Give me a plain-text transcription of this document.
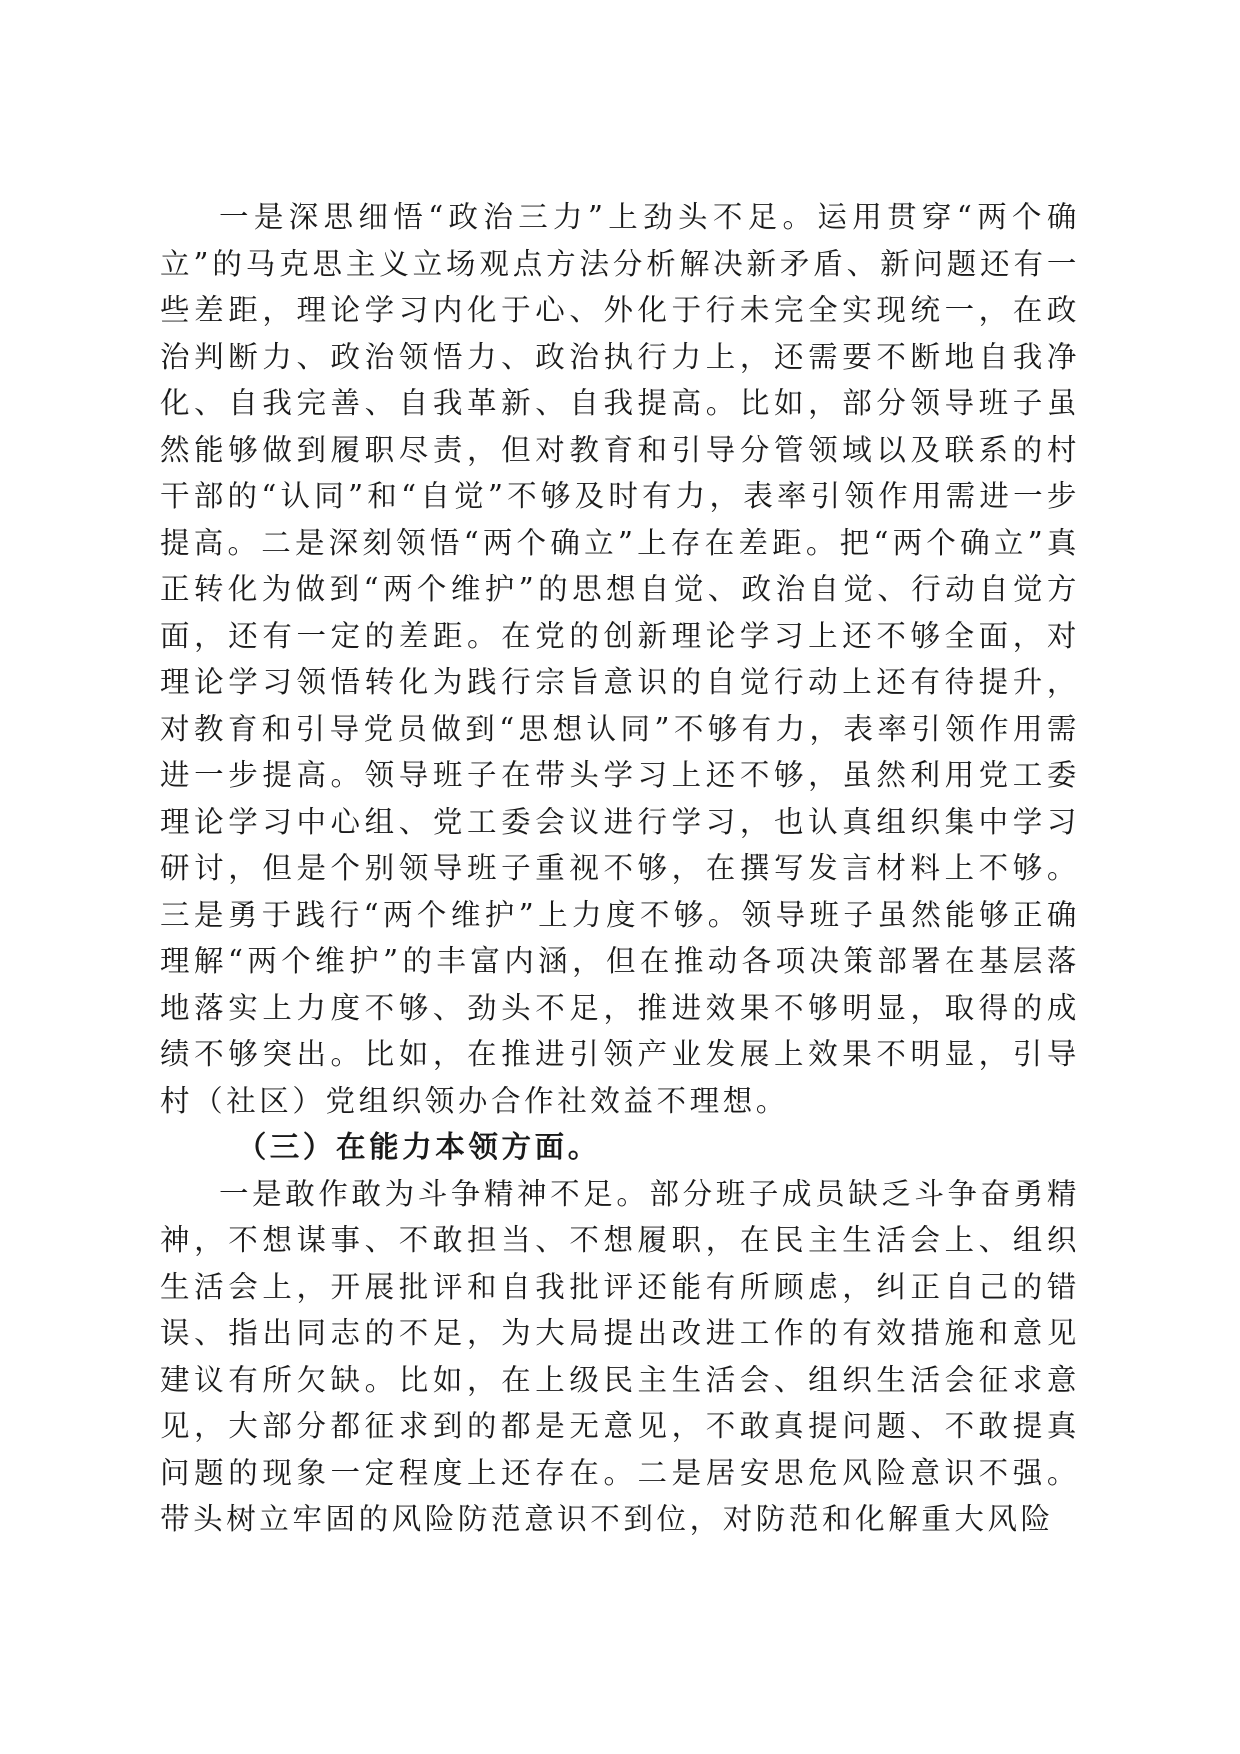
一是深思细悟“政治三力”上劲头不足。运用贯穿“两个确立”的马克思主义立场观点方法分析解决新矛盾、新问题还有一些差距，理论学习内化于心、外化于行未完全实现统一，在政治判断力、政治领悟力、政治执行力上，还需要不断地自我净化、自我完善、自我革新、自我提高。比如，部分领导班子虽然能够做到履职尽责，但对教育和引导分管领域以及联系的村干部的“认同”和“自觉”不够及时有力，表率引领作用需进一步提高。二是深刻领悟“两个确立”上存在差距。把“两个确立”真正转化为做到“两个维护”的思想自觉、政治自觉、行动自觉方面，还有一定的差距。在党的创新理论学习上还不够全面，对理论学习领悟转化为践行宗旨意识的自觉行动上还有待提升，对教育和引导党员做到“思想认同”不够有力，表率引领作用需进一步提高。领导班子在带头学习上还不够，虽然利用党工委理论学习中心组、党工委会议进行学习，也认真组织集中学习研讨，但是个别领导班子重视不够，在撰写发言材料上不够。三是勇于践行“两个维护”上力度不够。领导班子虽然能够正确理解“两个维护”的丰富内涵，但在推动各项决策部署在基层落地落实上力度不够、劲头不足，推进效果不够明显，取得的成绩不够突出。比如，在推进引领产业发展上效果不明显，引导村（社区）党组织领办合作社效益不理想。

（三）在能力本领方面。

一是敢作敢为斗争精神不足。部分班子成员缺乏斗争奋勇精神，不想谋事、不敢担当、不想履职，在民主生活会上、组织生活会上，开展批评和自我批评还能有所顾虑，纠正自己的错误、指出同志的不足，为大局提出改进工作的有效措施和意见建议有所欠缺。比如，在上级民主生活会、组织生活会征求意见，大部分都征求到的都是无意见，不敢真提问题、不敢提真问题的现象一定程度上还存在。二是居安思危风险意识不强。带头树立牢固的风险防范意识不到位，对防范和化解重大风险
